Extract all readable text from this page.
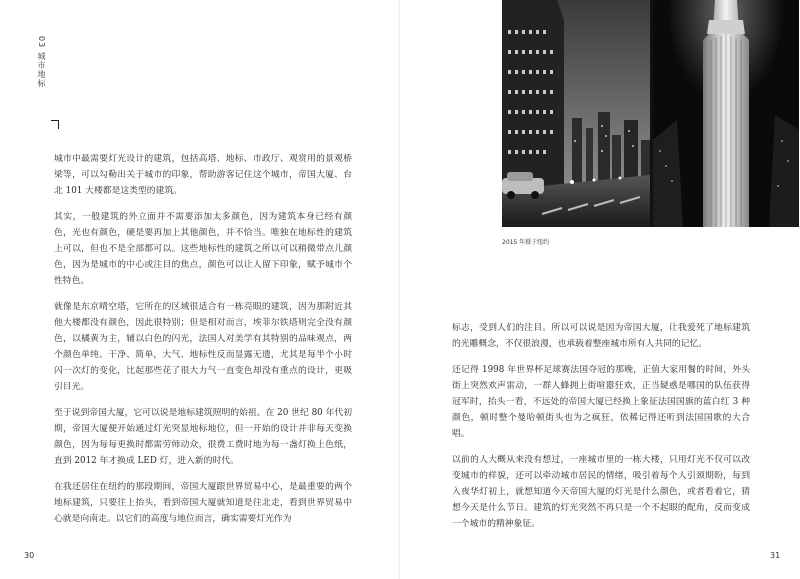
03 城市地标

城市中最需要灯光设计的建筑，包括高塔、地标、市政厅、观赏用的景观桥梁等，可以勾勒出关于城市的印象，帮助游客记住这个城市，帝国大厦、台北 101 大楼都是这类型的建筑。

其实，一般建筑的外立面并不需要添加太多颜色，因为建筑本身已经有颜色，光也有颜色，硬是要再加上其他颜色，并不恰当。唯独在地标性的建筑上可以，但也不是全部都可以。这些地标性的建筑之所以可以稍微带点儿颜色，因为是城市的中心或注目的焦点，颜色可以让人留下印象，赋予城市个性特色。

就像是东京晴空塔，它所在的区域很适合有一栋亮眼的建筑，因为那附近其他大楼都没有颜色，因此很特别；但是相对而言，埃菲尔铁塔则完全没有颜色，以橘黄为主，辅以白色的闪光，法国人对美学有其特别的品味观点，两个颜色单纯、干净、简单，大气、地标性反而显露无遗，尤其是每半个小时闪一次灯的变化，比起那些花了很大力气一直变色却没有重点的设计，更吸引目光。

至于说到帝国大厦，它可以说是地标建筑照明的始祖。在 20 世纪 80 年代初期，帝国大厦便开始通过灯光突显地标地位，但一开始的设计并非每天变换颜色，因为每每更换时都需劳师动众，很费工费时地为每一盏灯换上色纸，直到 2012 年才换成 LED 灯，进入新的时代。

在我还居住在纽约的那段期间，帝国大厦跟世界贸易中心，是最重要的两个地标建筑，只要往上抬头，看到帝国大厦就知道是往北走，看到世界贸易中心就是向南走。以它们的高度与地位而言，确实需要灯光作为

30
2015 年摄于纽约

标志，受到人们的注目。所以可以说是因为帝国大厦，让我爱死了地标建筑的光雕概念，不仅很浪漫，也承载着整座城市所有人共同的记忆。

还记得 1998 年世界杯足球赛法国夺冠的那晚，正值大家用餐的时间，外头街上突然欢声雷动，一群人蜂拥上街喧嚣狂欢，正当疑惑是哪国的队伍获得冠军时，抬头一看，不远处的帝国大厦已经换上象征法国国旗的蓝白红 3 种颜色，顿时整个曼哈顿街头也为之疯狂，依稀记得还听到法国国歌的大合唱。

以前的人大概从来没有想过，一座城市里的一栋大楼，只用灯光不仅可以改变城市的样貌，还可以牵动城市居民的情绪，吸引着每个人引颈期盼，每到入夜华灯初上，就想知道今天帝国大厦的灯光是什么颜色，或者看着它，猜想今天是什么节日。建筑的灯光突然不再只是一个不起眼的配角，反而变成一个城市的精神象征。

31
